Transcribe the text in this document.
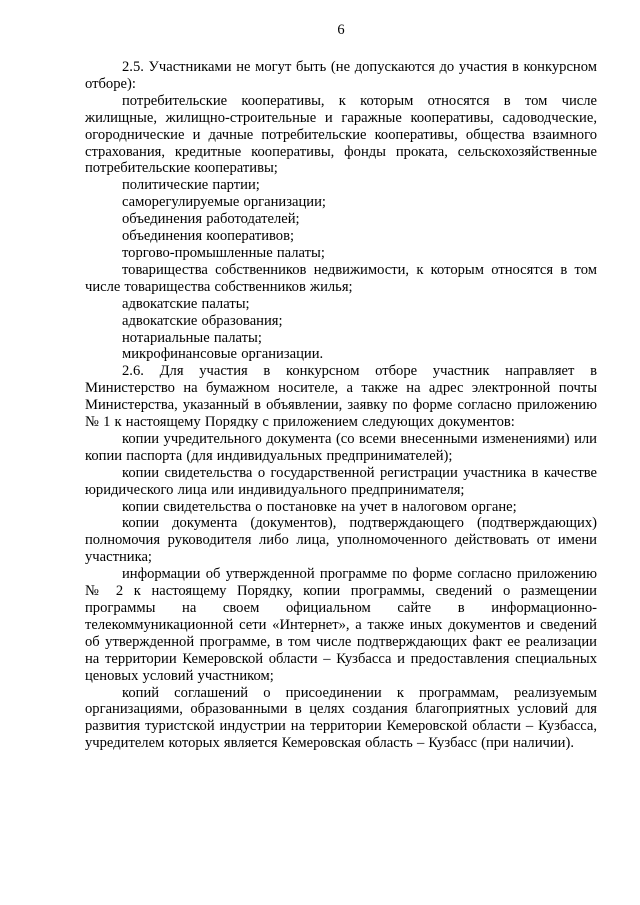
6

2.5. Участниками не могут быть (не допускаются до участия в конкурсном отборе):

потребительские кооперативы, к которым относятся в том числе жилищные, жилищно-строительные и гаражные кооперативы, садоводческие, огороднические и дачные потребительские кооперативы, общества взаимного страхования, кредитные кооперативы, фонды проката, сельскохозяйственные потребительские кооперативы;

политические партии;

саморегулируемые организации;

объединения работодателей;

объединения кооперативов;

торгово-промышленные палаты;

товарищества собственников недвижимости, к которым относятся в том числе товарищества собственников жилья;

адвокатские палаты;

адвокатские образования;

нотариальные палаты;

микрофинансовые организации.

2.6. Для участия в конкурсном отборе участник направляет в Министерство на бумажном носителе, а также на адрес электронной почты Министерства, указанный в объявлении, заявку по форме согласно приложению № 1 к настоящему Порядку с приложением следующих документов:

копии учредительного документа (со всеми внесенными изменениями) или копии паспорта (для индивидуальных предпринимателей);

копии свидетельства о государственной регистрации участника в качестве юридического лица или индивидуального предпринимателя;

копии свидетельства о постановке на учет в налоговом органе;

копии документа (документов), подтверждающего (подтверждающих) полномочия руководителя либо лица, уполномоченного действовать от имени участника;

информации об утвержденной программе по форме согласно приложению № 2 к настоящему Порядку, копии программы, сведений о размещении программы на своем официальном сайте в информационно-телекоммуникационной сети «Интернет», а также иных документов и сведений об утвержденной программе, в том числе подтверждающих факт ее реализации на территории Кемеровской области – Кузбасса и предоставления специальных ценовых условий участником;

копий соглашений о присоединении к программам, реализуемым организациями, образованными в целях создания благоприятных условий для развития туристской индустрии на территории Кемеровской области – Кузбасса, учредителем которых является Кемеровская область – Кузбасс (при наличии).
